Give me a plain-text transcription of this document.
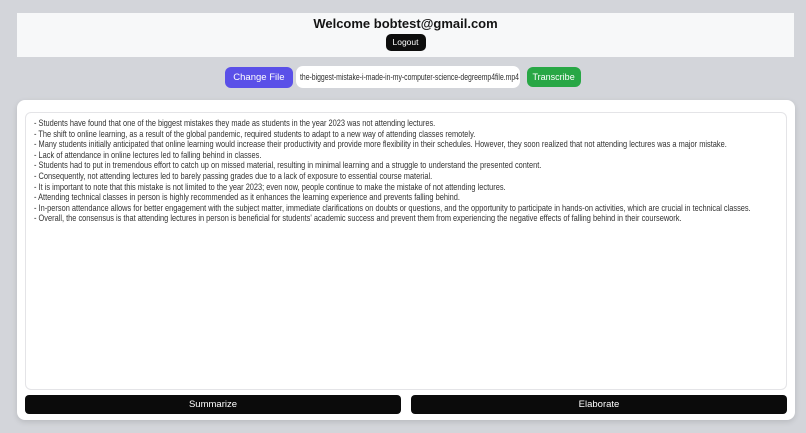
Welcome bobtest@gmail.com
Logout
Change File	the-biggest-mistake-i-made-in-my-computer-science-degreemp4file.mp4	Transcribe
- Students have found that one of the biggest mistakes they made as students in the year 2023 was not attending lectures.
- The shift to online learning, as a result of the global pandemic, required students to adapt to a new way of attending classes remotely.
- Many students initially anticipated that online learning would increase their productivity and provide more flexibility in their schedules. However, they soon realized that not attending lectures was a major mistake.
- Lack of attendance in online lectures led to falling behind in classes.
- Students had to put in tremendous effort to catch up on missed material, resulting in minimal learning and a struggle to understand the presented content.
- Consequently, not attending lectures led to barely passing grades due to a lack of exposure to essential course material.
- It is important to note that this mistake is not limited to the year 2023; even now, people continue to make the mistake of not attending lectures.
- Attending technical classes in person is highly recommended as it enhances the learning experience and prevents falling behind.
- In-person attendance allows for better engagement with the subject matter, immediate clarifications on doubts or questions, and the opportunity to participate in hands-on activities, which are crucial in technical classes.
- Overall, the consensus is that attending lectures in person is beneficial for students' academic success and prevent them from experiencing the negative effects of falling behind in their coursework.
Summarize	Elaborate
